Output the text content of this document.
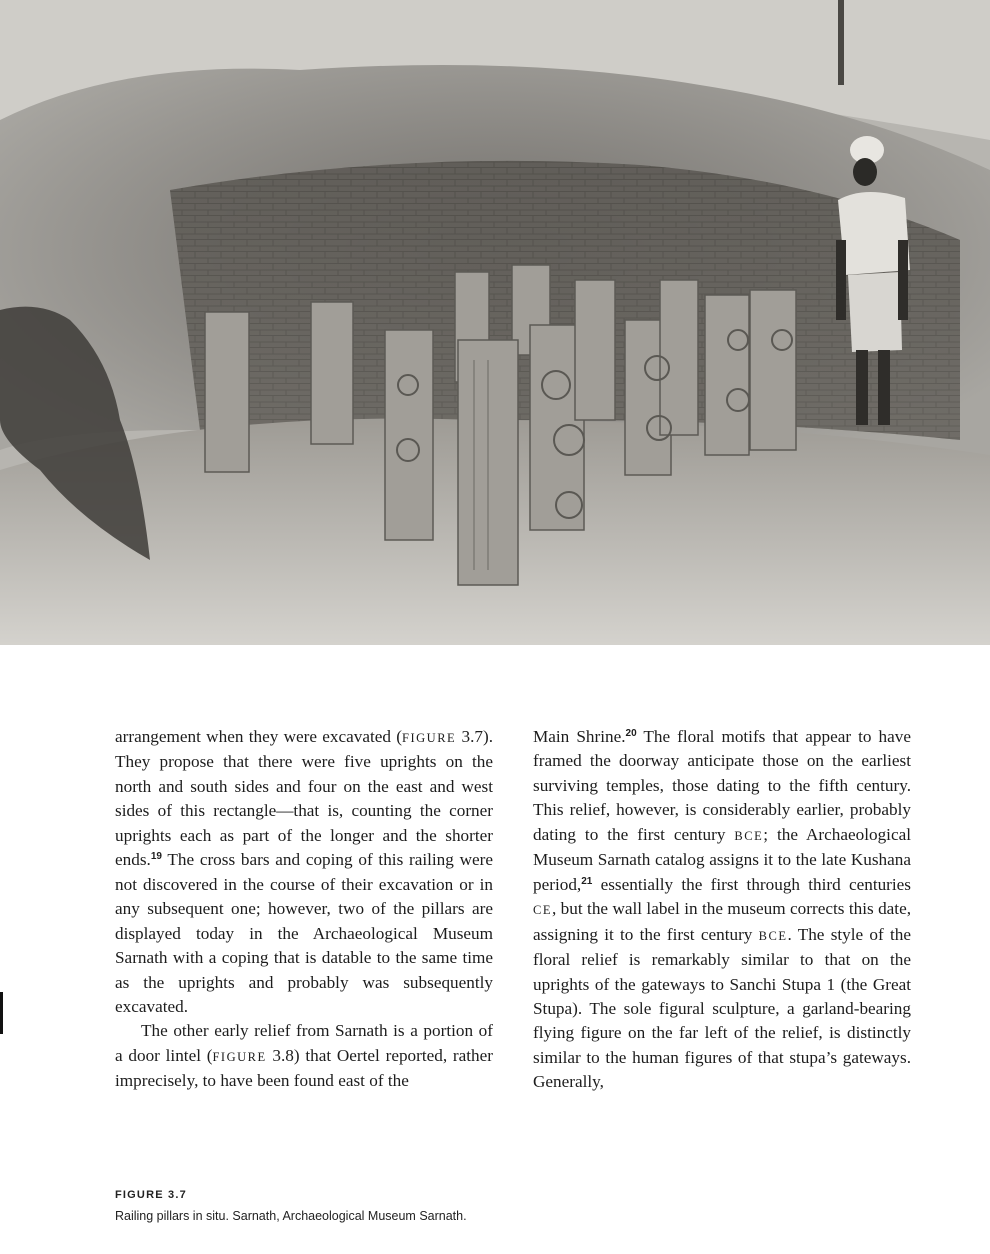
arrangement when they were excavated (FIGURE 3.7). They propose that there were five uprights on the north and south sides and four on the east and west sides of this rectangle—that is, counting the corner uprights each as part of the longer and the shorter ends.$^{19}$ The cross bars and coping of this railing were not discovered in the course of their excavation or in any subsequent one; however, two of the pillars are displayed today in the Archaeological Museum Sarnath with a coping that is datable to the same time as the uprights and probably was subsequently excavated.

The other early relief from Sarnath is a portion of a door lintel (FIGURE 3.8) that Oertel reported, rather imprecisely, to have been found east of the

Main Shrine.$^{20}$ The floral motifs that appear to have framed the doorway anticipate those on the earliest surviving temples, those dating to the fifth century. This relief, however, is considerably earlier, probably dating to the first century BCE; the Archaeological Museum Sarnath catalog assigns it to the late Kushana period,$^{21}$ essentially the first through third centuries CE, but the wall label in the museum corrects this date, assigning it to the first century BCE. The style of the floral relief is remarkably similar to that on the uprights of the gateways to Sanchi Stupa 1 (the Great Stupa). The sole figural sculpture, a garland-bearing flying figure on the far left of the relief, is distinctly similar to the human figures of that stupa’s gateways. Generally,

FIGURE 3.7
Railing pillars in situ. Sarnath, Archaeological Museum Sarnath.
